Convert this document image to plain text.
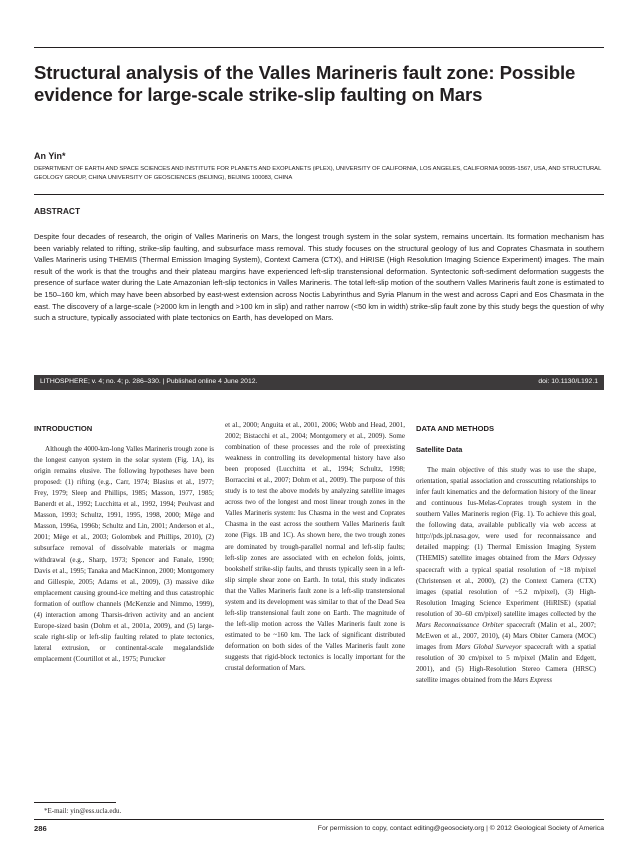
Structural analysis of the Valles Marineris fault zone: Possible evidence for large-scale strike-slip faulting on Mars
An Yin*
DEPARTMENT OF EARTH AND SPACE SCIENCES AND INSTITUTE FOR PLANETS AND EXOPLANETS (iPLEX), UNIVERSITY OF CALIFORNIA, LOS ANGELES, CALIFORNIA 90095-1567, USA, AND STRUCTURAL GEOLOGY GROUP, CHINA UNIVERSITY OF GEOSCIENCES (BEIJING), BEIJING 100083, CHINA
ABSTRACT

Despite four decades of research, the origin of Valles Marineris on Mars, the longest trough system in the solar system, remains uncertain. Its formation mechanism has been variably related to rifting, strike-slip faulting, and subsurface mass removal. This study focuses on the structural geology of Ius and Coprates Chasmata in southern Valles Marineris using THEMIS (Thermal Emission Imaging System), Context Camera (CTX), and HiRISE (High Resolution Imaging Science Experiment) images. The main result of the work is that the troughs and their plateau margins have experienced left-slip transtensional deformation. Syntectonic soft-sediment deformation suggests the presence of surface water during the Late Amazonian left-slip tectonics in Valles Marineris. The total left-slip motion of the southern Valles Marineris fault zone is estimated to be 150–160 km, which may have been absorbed by east-west extension across Noctis Labyrinthus and Syria Planum in the west and across Capri and Eos Chasmata in the east. The discovery of a large-scale (>2000 km in length and >100 km in slip) and rather narrow (<50 km in width) strike-slip fault zone by this study begs the question of why such a structure, typically associated with plate tectonics on Earth, has developed on Mars.

LITHOSPHERE; v. 4; no. 4; p. 286–330. | Published online 4 June 2012.	doi: 10.1130/L192.1
INTRODUCTION

Although the 4000-km-long Valles Marineris trough zone is the longest canyon system in the solar system (Fig. 1A), its origin remains elusive. The following hypotheses have been proposed: (1) rifting (e.g., Carr, 1974; Blasius et al., 1977; Frey, 1979; Sleep and Phillips, 1985; Masson, 1977, 1985; Banerdt et al., 1992; Lucchitta et al., 1992, 1994; Peulvast and Masson, 1993; Schultz, 1991, 1995, 1998, 2000; Mège and Masson, 1996a, 1996b; Schultz and Lin, 2001; Anderson et al., 2001; Mège et al., 2003; Golombek and Phillips, 2010), (2) subsurface removal of dissolvable materials or magma withdrawal (e.g., Sharp, 1973; Spencer and Fanale, 1990; Davis et al., 1995; Tanaka and MacKinnon, 2000; Montgomery and Gillespie, 2005; Adams et al., 2009), (3) massive dike emplacement causing ground-ice melting and thus catastrophic formation of outflow channels (McKenzie and Nimmo, 1999), (4) interaction among Tharsis-driven activity and an ancient Europe-sized basin (Dohm et al., 2001a, 2009), and (5) large-scale right-slip or left-slip faulting related to plate tectonics, lateral extrusion, or continental-scale megalandslide emplacement (Courtillot et al., 1975; Purucker

et al., 2000; Anguita et al., 2001, 2006; Webb and Head, 2001, 2002; Bistacchi et al., 2004; Montgomery et al., 2009). Some combination of these processes and the role of preexisting weakness in controlling its developmental history have also been proposed (Lucchitta et al., 1994; Schultz, 1998; Borraccini et al., 2007; Dohm et al., 2009). The purpose of this study is to test the above models by analyzing satellite images across two of the longest and most linear trough zones in the Valles Marineris system: Ius Chasma in the west and Coprates Chasma in the east across the southern Valles Marineris fault zone (Figs. 1B and 1C). As shown here, the two trough zones are dominated by trough-parallel normal and left-slip faults; left-slip zones are associated with en echelon folds, joints, bookshelf strike-slip faults, and thrusts typically seen in a left-slip simple shear zone on Earth. In total, this study indicates that the Valles Marineris fault zone is a left-slip transtensional system and its development was similar to that of the Dead Sea left-slip transtensional fault zone on Earth. The magnitude of the left-slip motion across the Valles Marineris fault zone is estimated to be ~160 km. The lack of significant distributed deformation on both sides of the Valles Marineris fault zone suggests that rigid-block tectonics is locally important for the crustal deformation of Mars.

DATA AND METHODS
Satellite Data

The main objective of this study was to use the shape, orientation, spatial association and crosscutting relationships to infer fault kinematics and the deformation history of the linear and continuous Ius-Melas-Coprates trough system in the southern Valles Marineris region (Fig. 1). To achieve this goal, the following data, available publically via web access at http://pds.jpl.nasa.gov, were used for reconnaissance and detailed mapping: (1) Thermal Emission Imaging System (THEMIS) satellite images obtained from the Mars Odyssey spacecraft with a typical spatial resolution of ~18 m/pixel (Christensen et al., 2000), (2) the Context Camera (CTX) images (spatial resolution of ~5.2 m/pixel), (3) High-Resolution Imaging Science Experiment (HiRISE) (spatial resolution of 30–60 cm/pixel) satellite images collected by the Mars Reconnaissance Orbiter spacecraft (Malin et al., 2007; McEwen et al., 2007, 2010), (4) Mars Obiter Camera (MOC) images from Mars Global Surveyor spacecraft with a spatial resolution of 30 cm/pixel to 5 m/pixel (Malin and Edgett, 2001), and (5) High-Resolution Stereo Camera (HRSC) satellite images obtained from the Mars Express

*E-mail: yin@ess.ucla.edu.
286	For permission to copy, contact editing@geosociety.org | © 2012 Geological Society of America
